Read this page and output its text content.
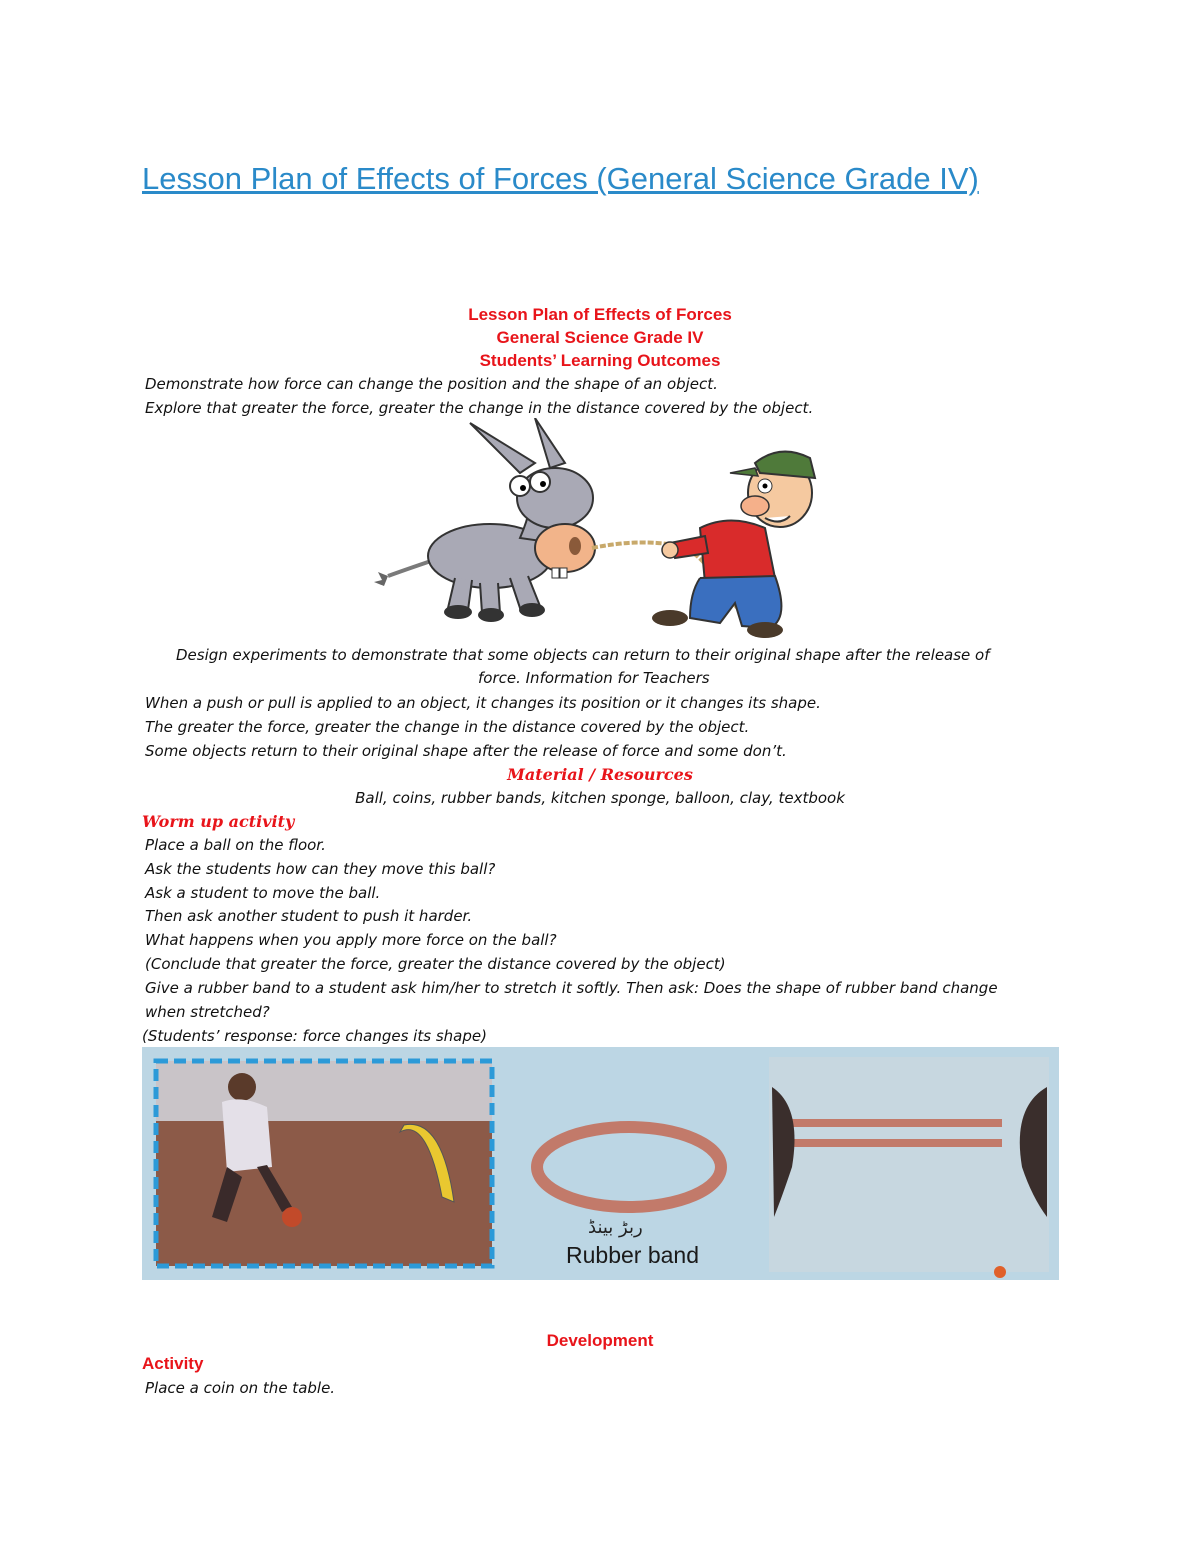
Lesson Plan of Effects of Forces (General Science Grade IV)

Lesson Plan of Effects of Forces

General Science Grade IV

Students’ Learning Outcomes

Demonstrate how force can change the position and the shape of an object.
Explore that greater the force, greater the change in the distance covered by the object.

Design experiments to demonstrate that some objects can return to their original shape after the release of

force. Information for Teachers

When a push or pull is applied to an object, it changes its position or it changes its shape.
The greater the force, greater the change in the distance covered by the object.
Some objects return to their original shape after the release of force and some don’t.

Material / Resources

Ball, coins, rubber bands, kitchen sponge, balloon, clay, textbook

Worm up activity

Place a ball on the floor.
Ask the students how can they move this ball?
Ask a student to move the ball.
Then ask another student to push it harder.
What happens when you apply more force on the ball?

(Conclude that greater the force, greater the distance covered by the object)

Give a rubber band to a student ask him/her to stretch it softly. Then ask: Does the shape of rubber band change

when stretched?

(Students’ response: force changes its shape)

ربڑ بینڈ
Rubber band

Development

Activity

Place a coin on the table.
